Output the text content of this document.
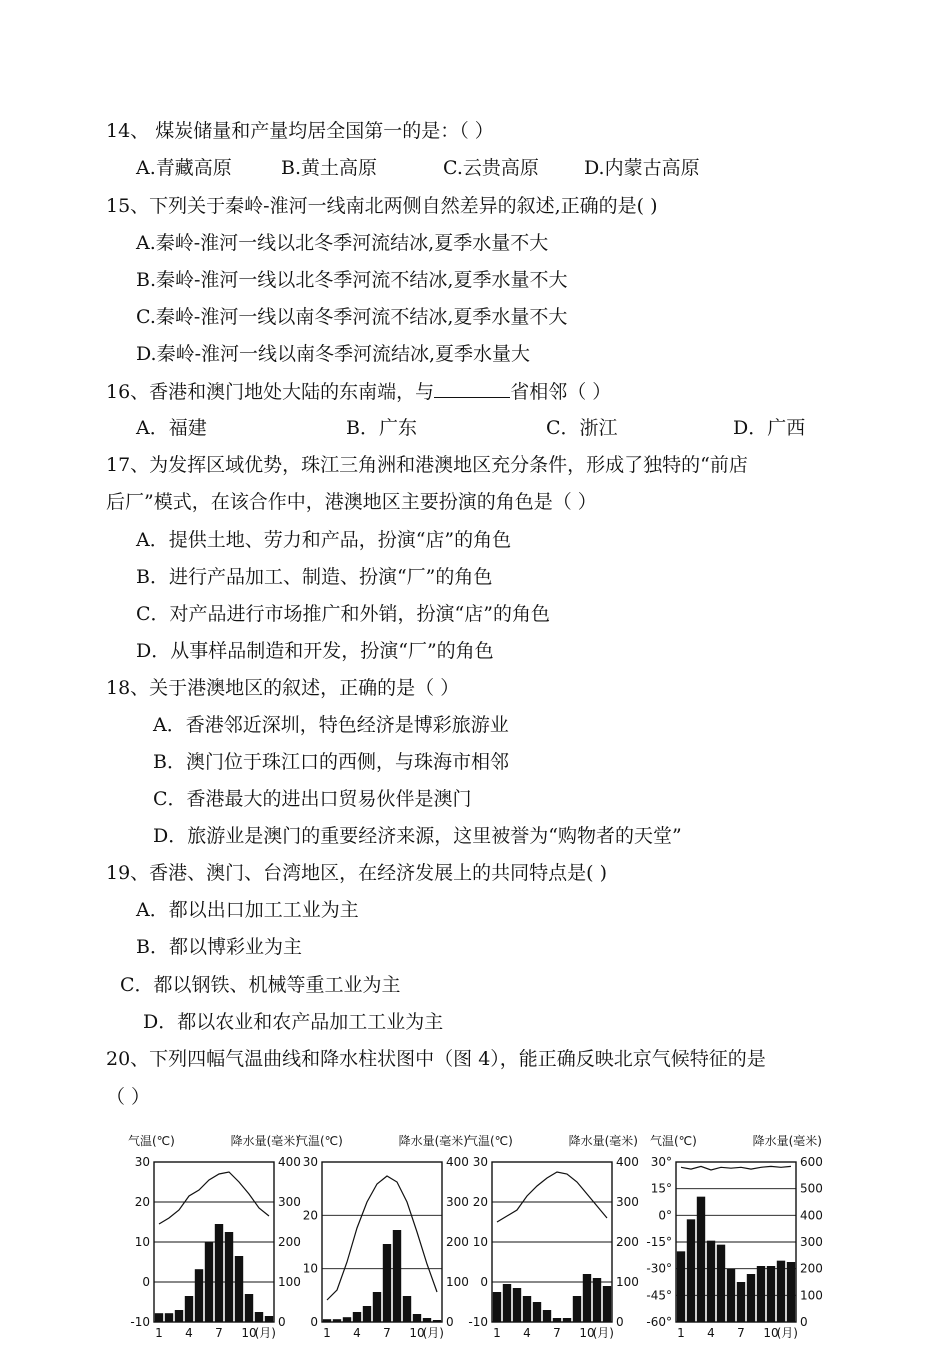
14、 煤炭储量和产量均居全国第一的是：（ ）
A.青藏高原	B.黄土高原	C.云贵高原 D.内蒙古高原
15、下列关于秦岭-淮河一线南北两侧自然差异的叙述,正确的是( )
A.秦岭-淮河一线以北冬季河流结冰,夏季水量不大
B.秦岭-淮河一线以北冬季河流不结冰,夏季水量不大
C.秦岭-淮河一线以南冬季河流不结冰,夏季水量不大
D.秦岭-淮河一线以南冬季河流结冰,夏季水量大
16、香港和澳门地处大陆的东南端，与	省相邻（ ）
A．福建	B．广东	C．浙江	D．广西
17、为发挥区域优势，珠江三角洲和港澳地区充分条件，形成了独特的“前店
后厂”模式，在该合作中，港澳地区主要扮演的角色是（ ）
A．提供土地、劳力和产品，扮演“店”的角色
B．进行产品加工、制造、扮演“厂”的角色
C．对产品进行市场推广和外销，扮演“店”的角色
D．从事样品制造和开发，扮演“厂”的角色
18、关于港澳地区的叙述，正确的是（ ）
A．香港邻近深圳，特色经济是博彩旅游业
B．澳门位于珠江口的西侧，与珠海市相邻
C．香港最大的进出口贸易伙伴是澳门
D．旅游业是澳门的重要经济来源，这里被誉为“购物者的天堂”
19、香港、澳门、台湾地区，在经济发展上的共同特点是( )
A．都以出口加工工业为主
B．都以博彩业为主
C．都以钢铁、机械等重工业为主
D．都以农业和农产品加工工业为主
20、下列四幅气温曲线和降水柱状图中（图 4），能正确反映北京气候特征的是
（ ）
气温(℃)	降水量(毫米)
30
20
10
0
-10
400
300
200
100
0
1 4 7 10
(月)
气温(℃)	降水量(毫米)
30
20
10
0
400
300
200
100
0
1 4 7 10
(月)
气温(℃)	降水量(毫米)
30
20
10
0
-10
400
300
200
100
0
1 4 7 10
(月)
气温(℃)	降水量(毫米)
30°
15°
0°
-15°
-30°
-45°
-60°
600
500
400
300
200
100
0
1 4 7 10
(月)
